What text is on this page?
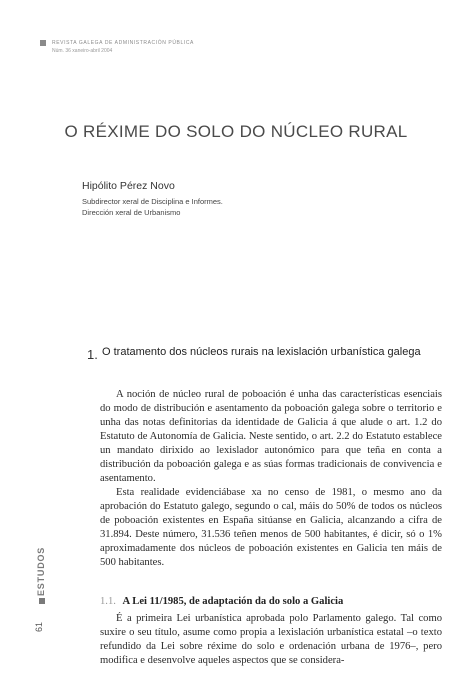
REVISTA GALEGA DE ADMINISTRACIÓN PÚBLICA
Núm. 36 xaneiro-abril 2004
O RÉXIME DO SOLO DO NÚCLEO RURAL
Hipólito Pérez Novo
Subdirector xeral de Disciplina e Informes.
Dirección xeral de Urbanismo
1. O tratamento dos núcleos rurais na lexislación urbanística galega

A noción de núcleo rural de poboación é unha das características esenciais do modo de distribución e asentamento da poboación galega sobre o territorio e unha das notas definitorias da identidade de Galicia á que alude o art. 1.2 do Estatuto de Autonomía de Galicia. Neste sentido, o art. 2.2 do Estatuto establece un mandato dirixido ao lexislador autonómico para que teña en conta a distribución da poboación galega e as súas formas tradicionais de convivencia e asentamento.

Esta realidade evidenciábase xa no censo de 1981, o mesmo ano da aprobación do Estatuto galego, segundo o cal, máis do 50% de todos os núcleos de poboación existentes en España sitúanse en Galicia, alcanzando a cifra de 31.894. Deste número, 31.536 teñen menos de 500 habitantes, é dicir, só o 1% aproximadamente dos núcleos de poboación existentes en Galicia ten máis de 500 habitantes.

1.1. A Lei 11/1985, de adaptación da do solo a Galicia

É a primeira Lei urbanística aprobada polo Parlamento galego. Tal como suxire o seu título, asume como propia a lexislación urbanística estatal –o texto refundido da Lei sobre réxime do solo e ordenación urbana de 1976–, pero modifica e desenvolve aqueles aspectos que se considera-

ESTUDOS
61
